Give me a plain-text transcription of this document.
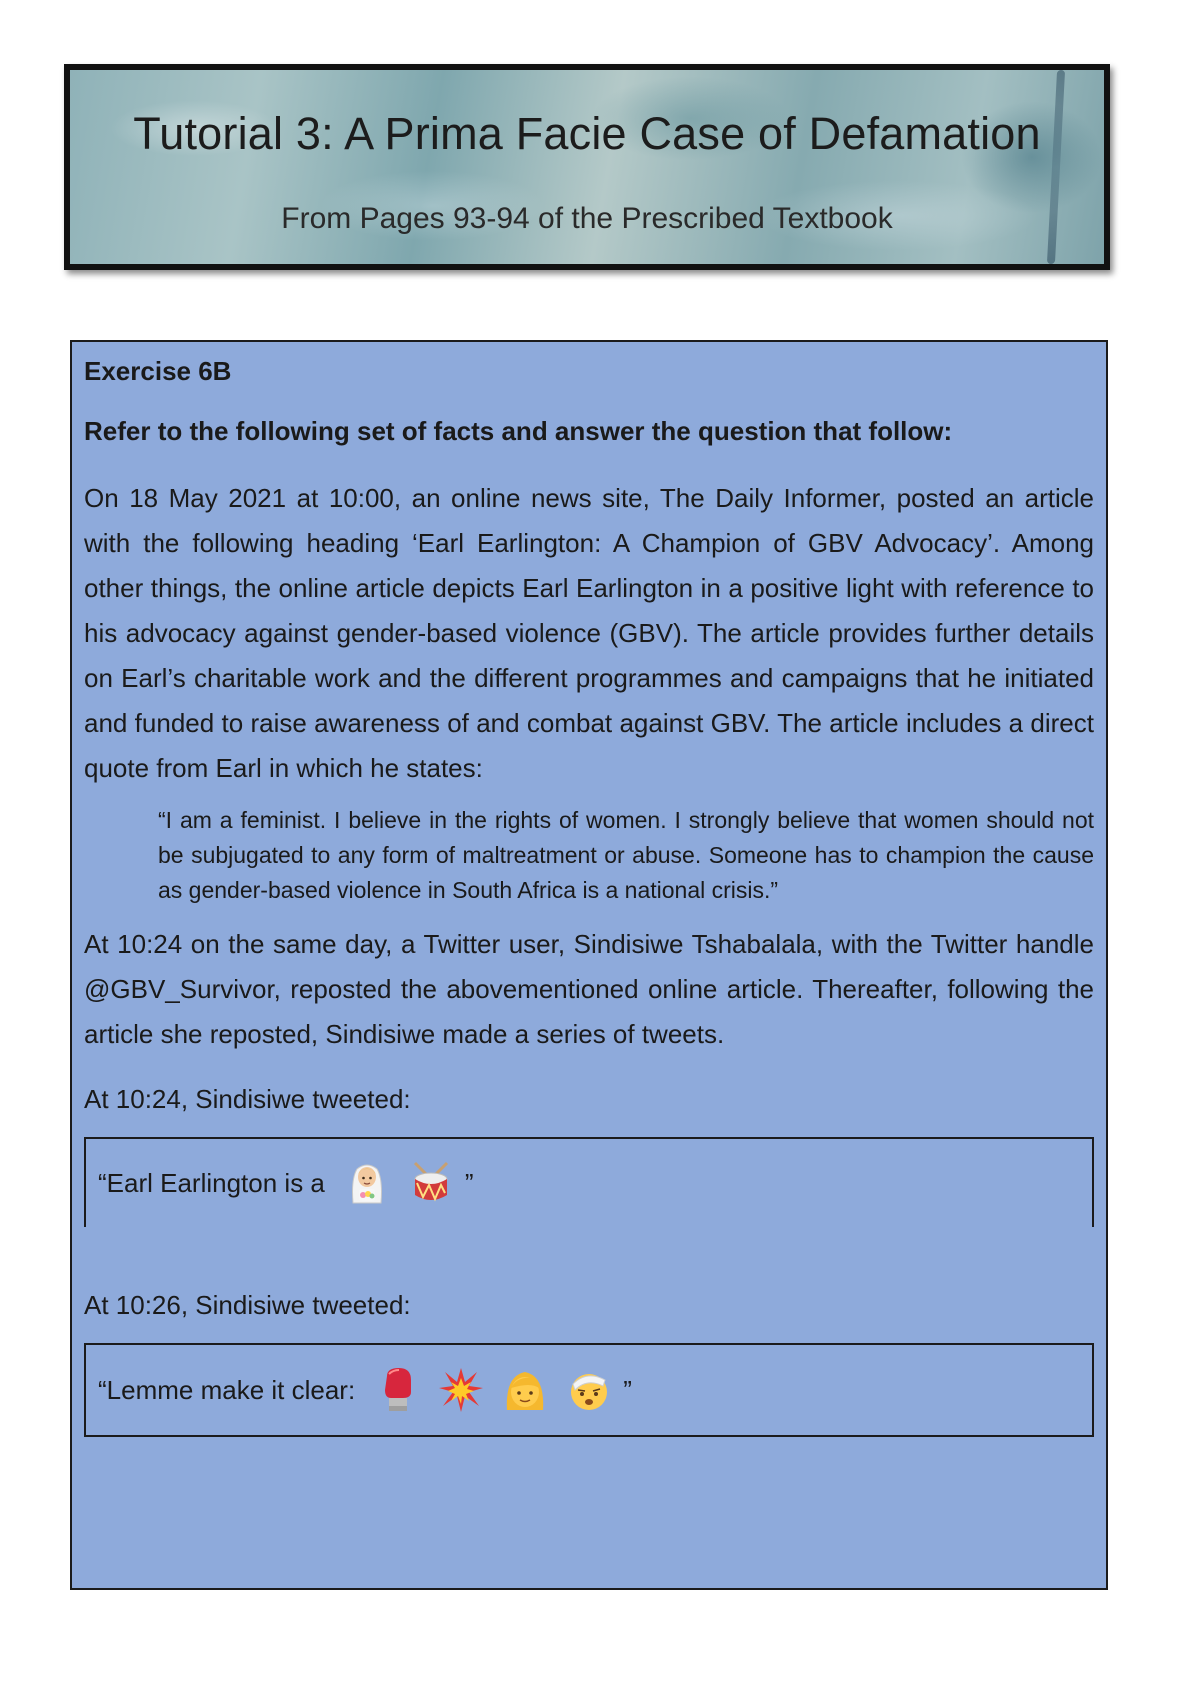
Tutorial 3: A Prima Facie Case of Defamation
From Pages 93-94 of the Prescribed Textbook
Exercise 6B
Refer to the following set of facts and answer the question that follow:

On 18 May 2021 at 10:00, an online news site, The Daily Informer, posted an article with the following heading ‘Earl Earlington: A Champion of GBV Advocacy’. Among other things, the online article depicts Earl Earlington in a positive light with reference to his advocacy against gender-based violence (GBV). The article provides further details on Earl’s charitable work and the different programmes and campaigns that he initiated and funded to raise awareness of and combat against GBV. The article includes a direct quote from Earl in which he states:

“I am a feminist. I believe in the rights of women. I strongly believe that women should not be subjugated to any form of maltreatment or abuse. Someone has to champion the cause as gender-based violence in South Africa is a national crisis.”

At 10:24 on the same day, a Twitter user, Sindisiwe Tshabalala, with the Twitter handle @GBV_Survivor, reposted the abovementioned online article. Thereafter, following the article she reposted, Sindisiwe made a series of tweets.

At 10:24, Sindisiwe tweeted:
“Earl Earlington is a	”
At 10:26, Sindisiwe tweeted:
“Lemme make it clear:	”
